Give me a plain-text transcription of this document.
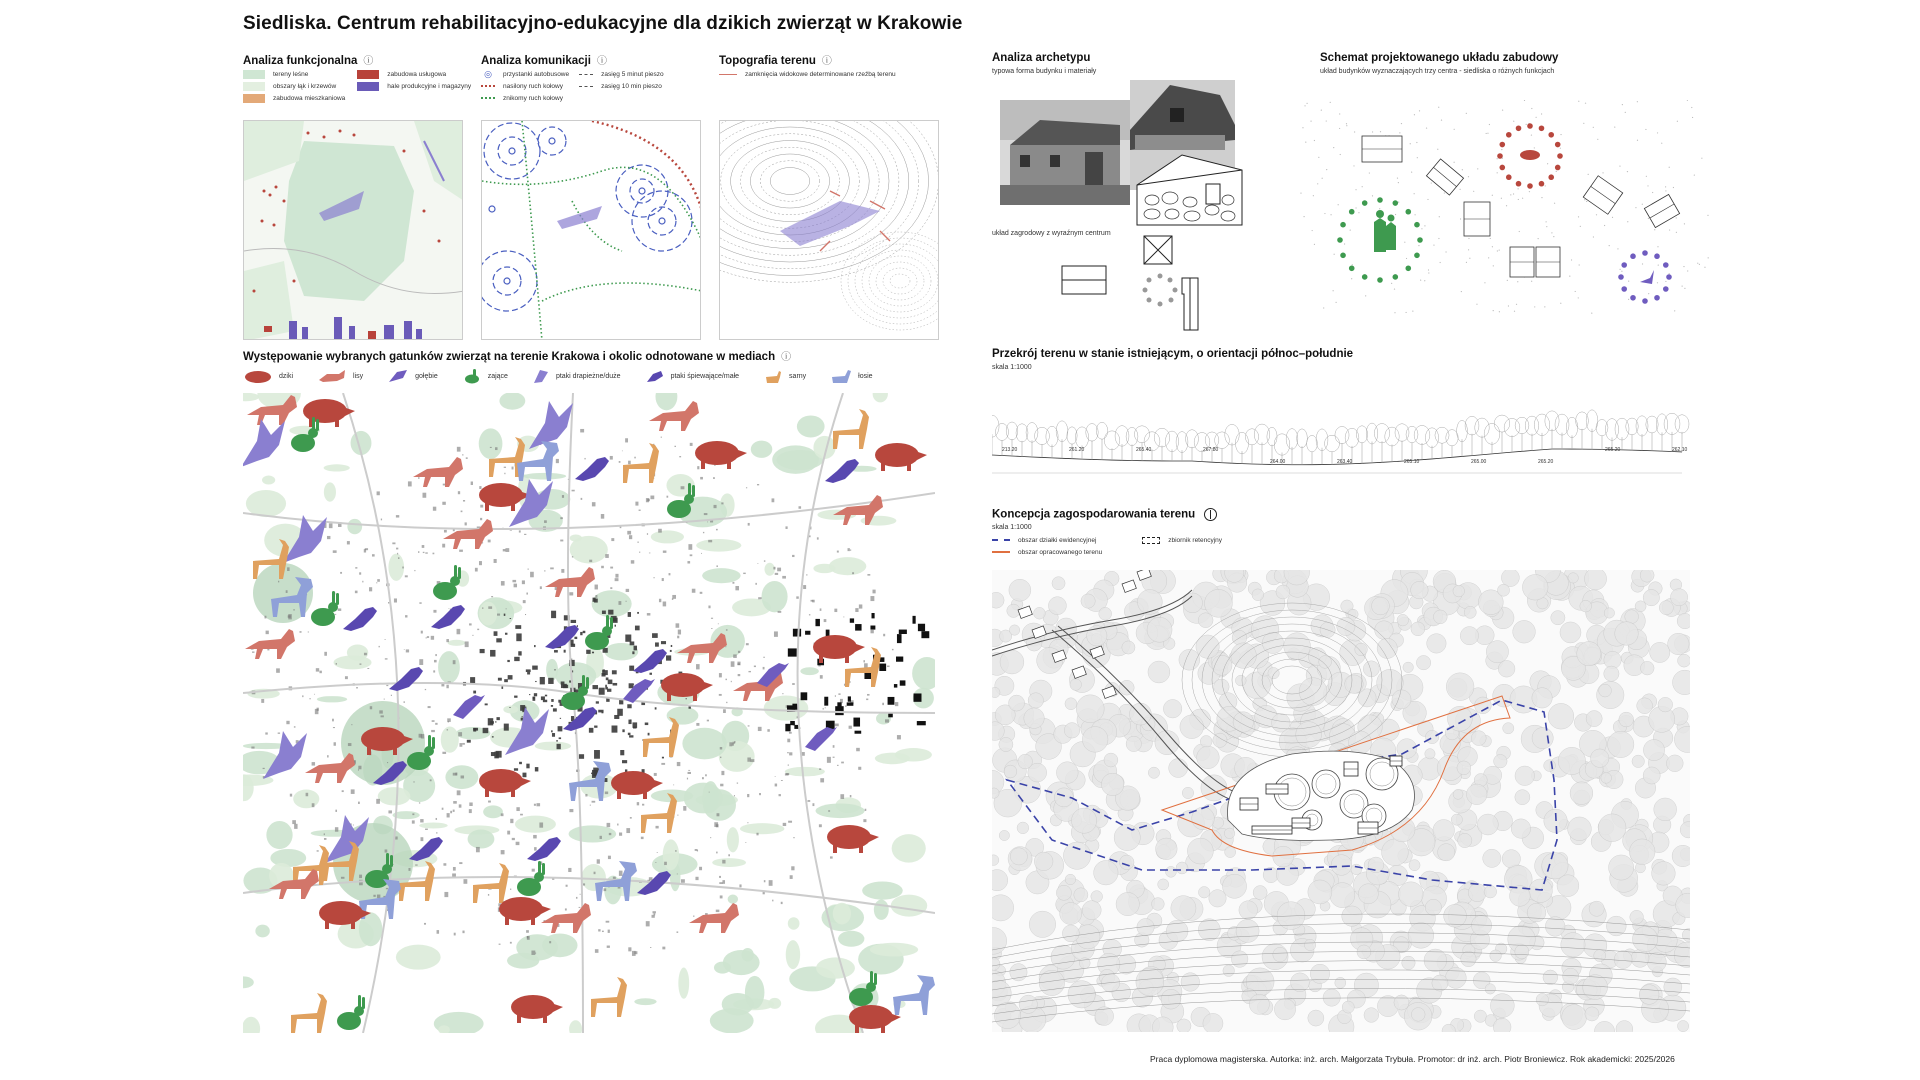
Siedliska. Centrum rehabilitacyjno-edukacyjne dla dzikich zwierząt w Krakowie
Analiza funkcjonalna ⓘ
tereny leśne
obszary łąk i krzewów
zabudowa mieszkaniowa
zabudowa usługowa
hale produkcyjne i magazyny
Analiza komunikacji ⓘ
◎	przystanki autobusowe
nasilony ruch kołowy
znikomy ruch kołowy
zasięg 5 minut pieszo
zasięg 10 min pieszo
Topografia terenu ⓘ
zamknięcia widokowe determinowane rzeźbą terenu
Występowanie wybranych gatunków zwierząt na terenie Krakowa i okolic odnotowane w mediach ⓘ
dziki	lisy	gołębie	zające	ptaki drapieżne/duże	ptaki śpiewające/małe	sarny	łosie
Analiza archetypu
typowa forma budynku i materiały
układ zagrodowy z wyraźnym centrum
Schemat projektowanego układu zabudowy
układ budynków wyznaczających trzy centra - siedliska o różnych funkcjach
Przekrój terenu w stanie istniejącym, o orientacji północ–południe
skala 1:1000
213.20	261.20	265.40	267.80
264.00	263.40	265.10	265.00	265.20
265.20	262.10
Koncepcja zagospodarowania terenu
skala 1:1000
obszar działki ewidencyjnej
obszar opracowanego terenu
zbiornik retencyjny
Praca dyplomowa magisterska. Autorka: inż. arch. Małgorzata Trybuła. Promotor: dr inż. arch. Piotr Broniewicz. Rok akademicki: 2025/2026
